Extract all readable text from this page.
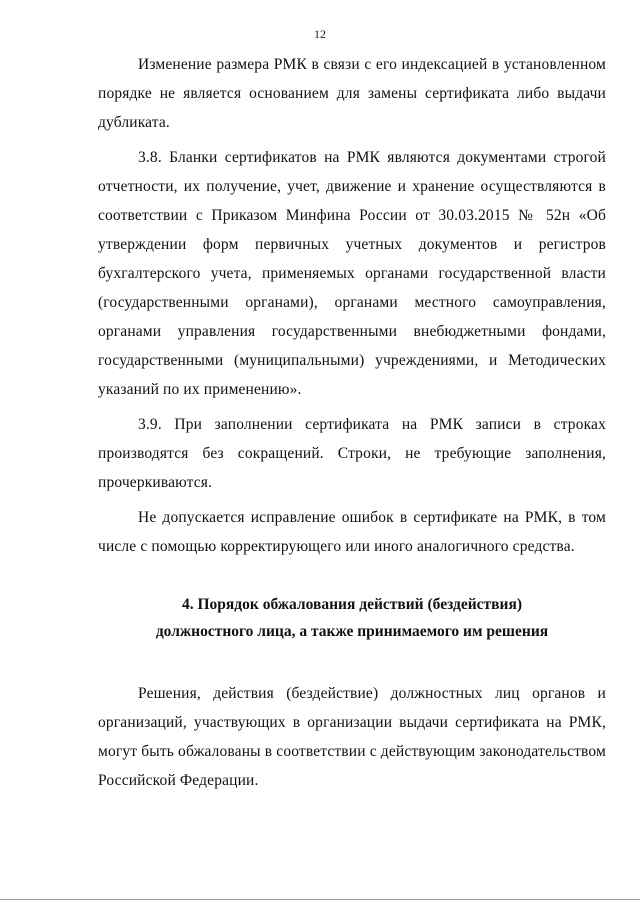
12

Изменение размера РМК в связи с его индексацией в установленном порядке не является основанием для замены сертификата либо выдачи дубликата.

3.8. Бланки сертификатов на РМК являются документами строгой отчетности, их получение, учет, движение и хранение осуществляются в соответствии с Приказом Минфина России от 30.03.2015 № 52н «Об утверждении форм первичных учетных документов и регистров бухгалтерского учета, применяемых органами государственной власти (государственными органами), органами местного самоуправления, органами управления государственными внебюджетными фондами, государственными (муниципальными) учреждениями, и Методических указаний по их применению».

3.9. При заполнении сертификата на РМК записи в строках производятся без сокращений. Строки, не требующие заполнения, прочеркиваются.

Не допускается исправление ошибок в сертификате на РМК, в том числе с помощью корректирующего или иного аналогичного средства.

4. Порядок обжалования действий (бездействия)
должностного лица, а также принимаемого им решения

Решения, действия (бездействие) должностных лиц органов и организаций, участвующих в организации выдачи сертификата на РМК, могут быть обжалованы в соответствии с действующим законодательством Российской Федерации.
